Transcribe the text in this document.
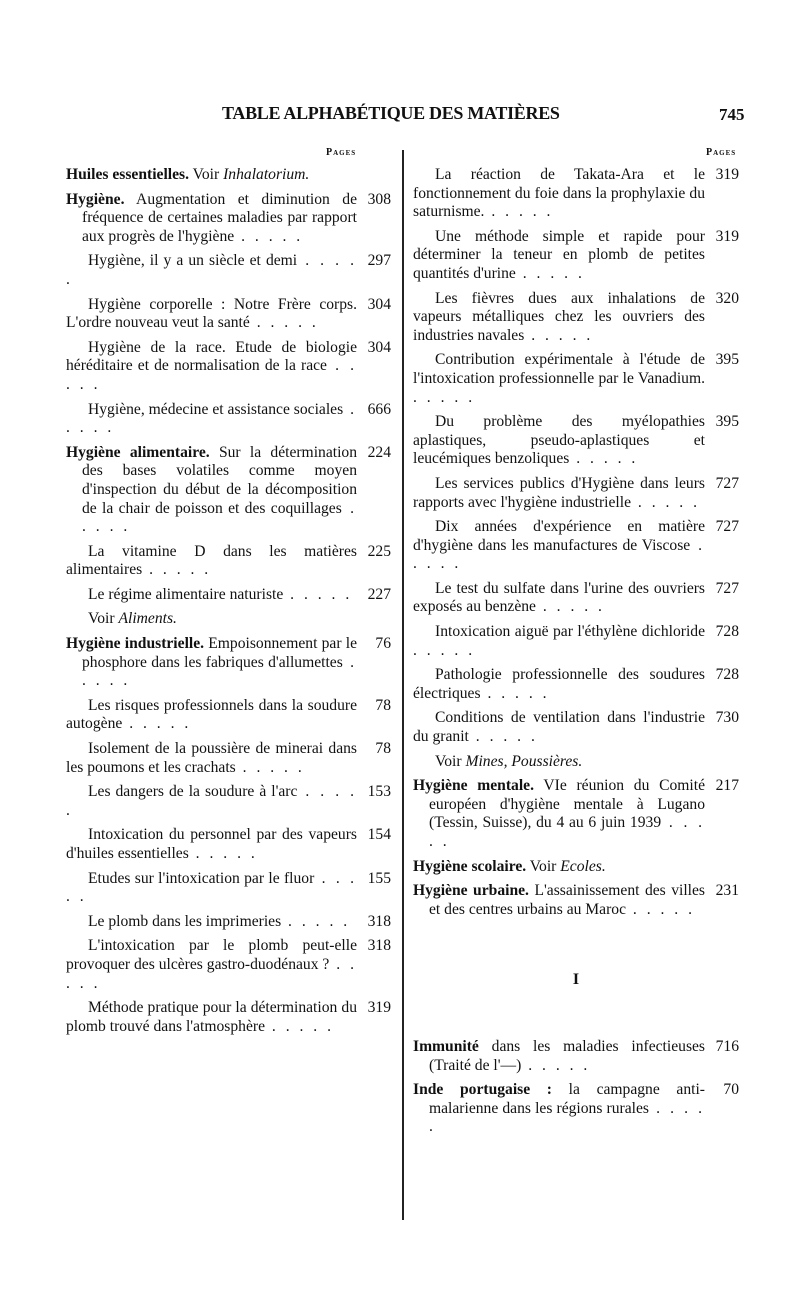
TABLE ALPHABÉTIQUE DES MATIÈRES	745
Pages	Pages
Huiles essentielles. Voir Inhalatorium.
308
Hygiène. Augmentation et diminution de fréquence de certaines maladies par rapport aux progrès de l'hygiène . . . . .
297
Hygiène, il y a un siècle et demi . . . . .
304
Hygiène corporelle : Notre Frère corps. L'ordre nouveau veut la santé . . . . .
304
Hygiène de la race. Etude de biologie héréditaire et de normalisation de la race . . . . .
666
Hygiène, médecine et assistance sociales . . . . .
224
Hygiène alimentaire. Sur la détermination des bases volatiles comme moyen d'inspection du début de la décomposition de la chair de poisson et des coquillages . . . . .
225
La vitamine D dans les matières alimentaires . . . . .
227
Le régime alimentaire naturiste . . . . .
Voir Aliments.
76
Hygiène industrielle. Empoisonnement par le phosphore dans les fabriques d'allumettes . . . . .
78
Les risques professionnels dans la soudure autogène . . . . .
78
Isolement de la poussière de minerai dans les poumons et les crachats . . . . .
153
Les dangers de la soudure à l'arc . . . . .
154
Intoxication du personnel par des vapeurs d'huiles essentielles . . . . .
155
Etudes sur l'intoxication par le fluor . . . . .
318
Le plomb dans les imprimeries . . . . .
318
L'intoxication par le plomb peut-elle provoquer des ulcères gastro-duodénaux ? . . . . .
319
Méthode pratique pour la détermination du plomb trouvé dans l'atmosphère . . . . .
319
La réaction de Takata-Ara et le fonctionnement du foie dans la prophylaxie du saturnisme. . . . . .
319
Une méthode simple et rapide pour déterminer la teneur en plomb de petites quantités d'urine . . . . .
320
Les fièvres dues aux inhalations de vapeurs métalliques chez les ouvriers des industries navales . . . . .
395
Contribution expérimentale à l'étude de l'intoxication professionnelle par le Vanadium. . . . . .
395
Du problème des myélopathies aplastiques, pseudo-aplastiques et leucémiques benzoliques . . . . .
727
Les services publics d'Hygiène dans leurs rapports avec l'hygiène industrielle . . . . .
727
Dix années d'expérience en matière d'hygiène dans les manufactures de Viscose . . . . .
727
Le test du sulfate dans l'urine des ouvriers exposés au benzène . . . . .
728
Intoxication aiguë par l'éthylène dichloride . . . . .
728
Pathologie professionnelle des soudures électriques . . . . .
730
Conditions de ventilation dans l'industrie du granit . . . . .
Voir Mines, Poussières.
217
Hygiène mentale. VIe réunion du Comité européen d'hygiène mentale à Lugano (Tessin, Suisse), du 4 au 6 juin 1939 . . . . .
Hygiène scolaire. Voir Ecoles.
231
Hygiène urbaine. L'assainissement des villes et des centres urbains au Maroc . . . . .
I
716
Immunité dans les maladies infectieuses (Traité de l'—) . . . . .
70
Inde portugaise : la campagne anti-malarienne dans les régions rurales . . . . .
